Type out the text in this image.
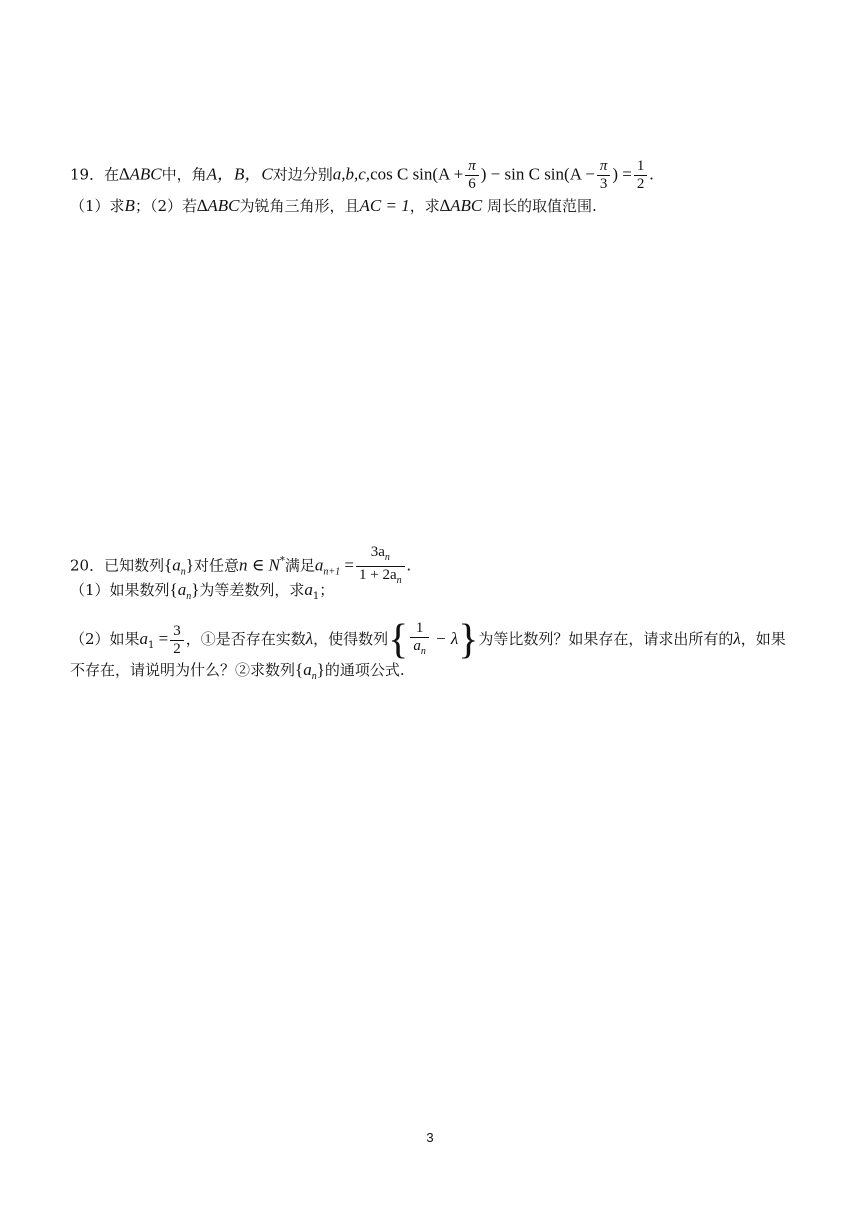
19．在∆ABC中，角A，B，C对边分别a,b,c,cos C $\sin(A + \frac{\pi}{6}$ ) − sin C $\sin(A - \frac{\pi}{3}$ ) = $\frac{1}{2}$ .
（1）求B；（2）若∆ABC为锐角三角形，且AC = 1，求∆ABC 周长的取值范围.
20．已知数列$\{a_n\}$对任意n ∈ N*满足$a_{n+1} = \frac{3a_n}{1 + 2a_n}$ .
（1）如果数列$\{a_n\}$为等差数列，求$a_1$；
（2）如果$a_1 = \frac{3}{2}$ ，①是否存在实数λ，使得数列{ $\frac{1}{a_n} - \lambda$}为等比数列？如果存在，请求出所有的λ，如果
不存在，请说明为什么？②求数列$\{a_n\}$的通项公式.
3
